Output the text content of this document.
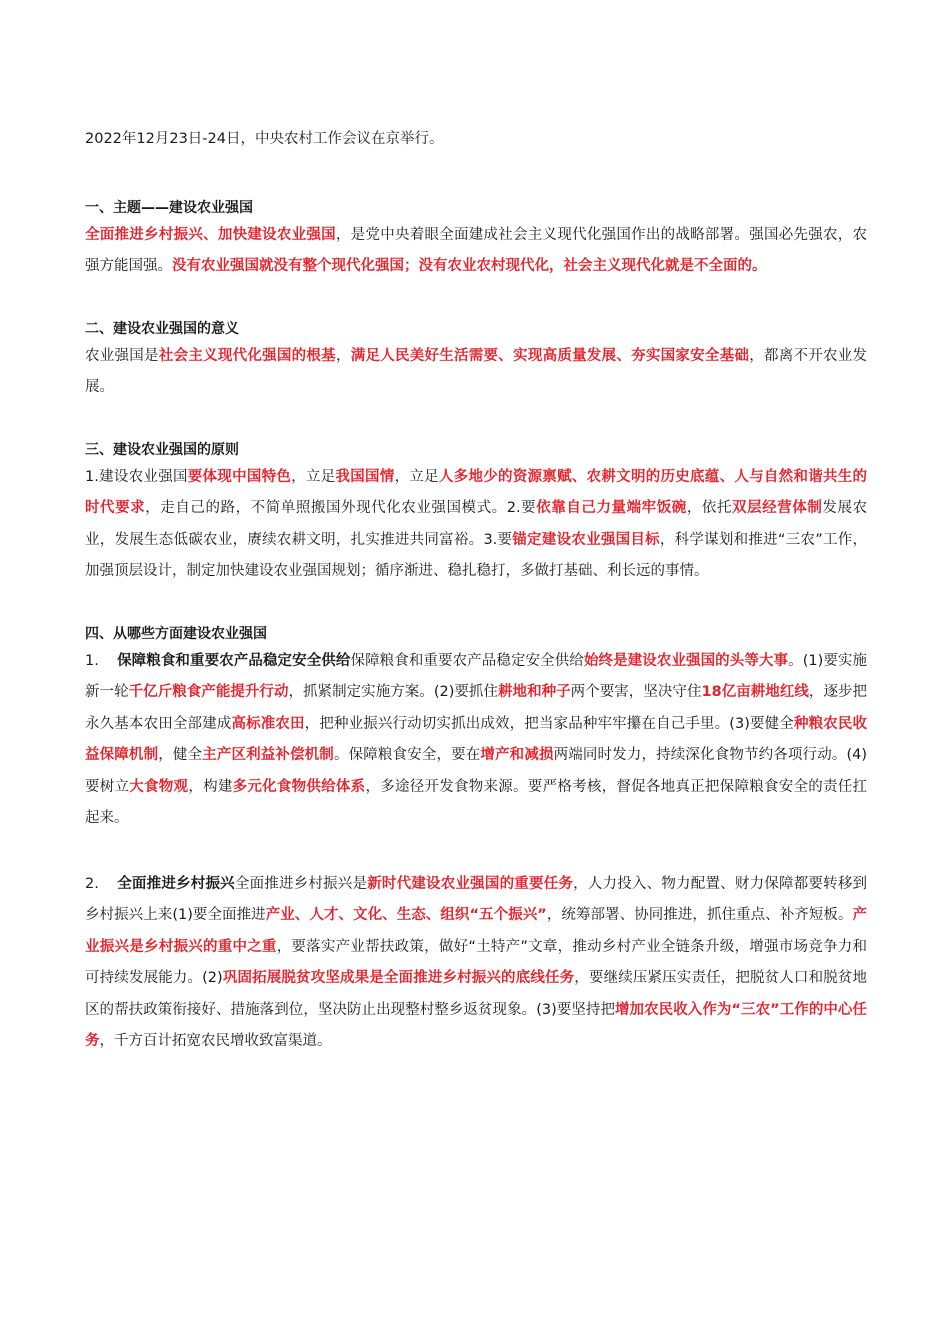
2022年12月23日-24日，中央农村工作会议在京举行。

一、主题——建设农业强国

全面推进乡村振兴、加快建设农业强国，是党中央着眼全面建成社会主义现代化强国作出的战略部署。强国必先强农，农强方能国强。没有农业强国就没有整个现代化强国；没有农业农村现代化，社会主义现代化就是不全面的。

二、建设农业强国的意义

农业强国是社会主义现代化强国的根基，满足人民美好生活需要、实现高质量发展、夯实国家安全基础，都离不开农业发展。

三、建设农业强国的原则

1.建设农业强国要体现中国特色，立足我国国情，立足人多地少的资源禀赋、农耕文明的历史底蕴、人与自然和谐共生的时代要求，走自己的路，不简单照搬国外现代化农业强国模式。2.要依靠自己力量端牢饭碗，依托双层经营体制发展农业，发展生态低碳农业，赓续农耕文明，扎实推进共同富裕。3.要锚定建设农业强国目标，科学谋划和推进“三农”工作，加强顶层设计，制定加快建设农业强国规划；循序渐进、稳扎稳打，多做打基础、利长远的事情。

四、从哪些方面建设农业强国

1. 保障粮食和重要农产品稳定安全供给保障粮食和重要农产品稳定安全供给始终是建设农业强国的头等大事。(1)要实施新一轮千亿斤粮食产能提升行动，抓紧制定实施方案。(2)要抓住耕地和种子两个要害，坚决守住18亿亩耕地红线，逐步把永久基本农田全部建成高标准农田，把种业振兴行动切实抓出成效，把当家品种牢牢攥在自己手里。(3)要健全种粮农民收益保障机制，健全主产区利益补偿机制。保障粮食安全，要在增产和减损两端同时发力，持续深化食物节约各项行动。(4)要树立大食物观，构建多元化食物供给体系，多途径开发食物来源。要严格考核，督促各地真正把保障粮食安全的责任扛起来。

2. 全面推进乡村振兴全面推进乡村振兴是新时代建设农业强国的重要任务，人力投入、物力配置、财力保障都要转移到乡村振兴上来(1)要全面推进产业、人才、文化、生态、组织“五个振兴”，统筹部署、协同推进，抓住重点、补齐短板。产业振兴是乡村振兴的重中之重，要落实产业帮扶政策，做好“土特产”文章，推动乡村产业全链条升级，增强市场竞争力和可持续发展能力。(2)巩固拓展脱贫攻坚成果是全面推进乡村振兴的底线任务，要继续压紧压实责任，把脱贫人口和脱贫地区的帮扶政策衔接好、措施落到位，坚决防止出现整村整乡返贫现象。(3)要坚持把增加农民收入作为“三农”工作的中心任务，千方百计拓宽农民增收致富渠道。
